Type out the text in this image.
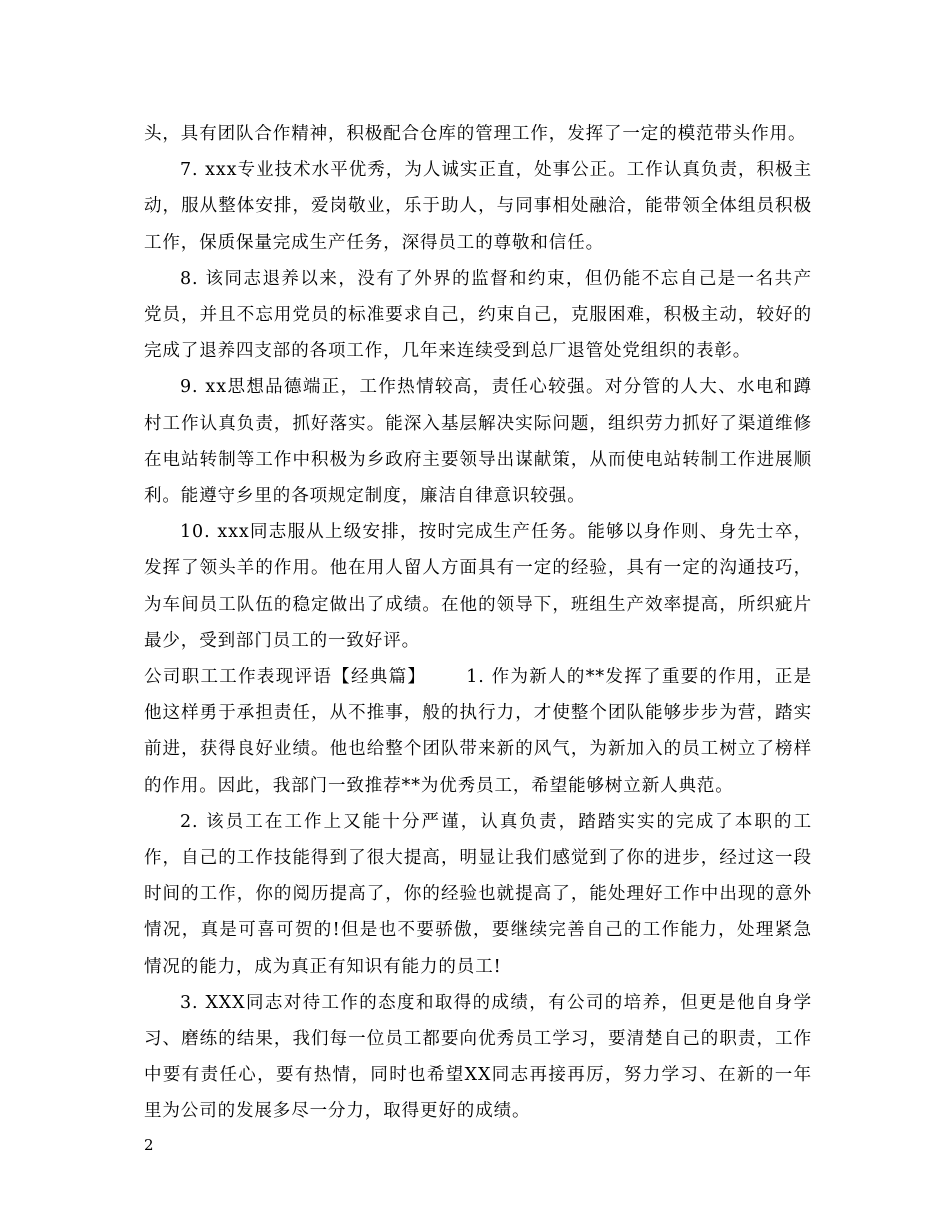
头，具有团队合作精神，积极配合仓库的管理工作，发挥了一定的模范带头作用。

7. xxx专业技术水平优秀，为人诚实正直，处事公正。工作认真负责，积极主动，服从整体安排，爱岗敬业，乐于助人，与同事相处融洽，能带领全体组员积极工作，保质保量完成生产任务，深得员工的尊敬和信任。

8. 该同志退养以来，没有了外界的监督和约束，但仍能不忘自己是一名共产党员，并且不忘用党员的标准要求自己，约束自己，克服困难，积极主动，较好的完成了退养四支部的各项工作，几年来连续受到总厂退管处党组织的表彰。

9. xx思想品德端正，工作热情较高，责任心较强。对分管的人大、水电和蹲村工作认真负责，抓好落实。能深入基层解决实际问题，组织劳力抓好了渠道维修在电站转制等工作中积极为乡政府主要领导出谋献策，从而使电站转制工作进展顺利。能遵守乡里的各项规定制度，廉洁自律意识较强。

10. xxx同志服从上级安排，按时完成生产任务。能够以身作则、身先士卒，发挥了领头羊的作用。他在用人留人方面具有一定的经验，具有一定的沟通技巧，为车间员工队伍的稳定做出了成绩。在他的领导下，班组生产效率提高，所织疵片最少，受到部门员工的一致好评。

公司职工工作表现评语【经典篇】 1. 作为新人的**发挥了重要的作用，正是他这样勇于承担责任，从不推事，般的执行力，才使整个团队能够步步为营，踏实前进，获得良好业绩。他也给整个团队带来新的风气，为新加入的员工树立了榜样的作用。因此，我部门一致推荐**为优秀员工，希望能够树立新人典范。

2. 该员工在工作上又能十分严谨，认真负责，踏踏实实的完成了本职的工作，自己的工作技能得到了很大提高，明显让我们感觉到了你的进步，经过这一段时间的工作，你的阅历提高了，你的经验也就提高了，能处理好工作中出现的意外情况，真是可喜可贺的!但是也不要骄傲，要继续完善自己的工作能力，处理紧急情况的能力，成为真正有知识有能力的员工!

3. XXX同志对待工作的态度和取得的成绩，有公司的培养，但更是他自身学习、磨练的结果，我们每一位员工都要向优秀员工学习，要清楚自己的职责，工作中要有责任心，要有热情，同时也希望XX同志再接再厉，努力学习、在新的一年里为公司的发展多尽一分力，取得更好的成绩。

2
